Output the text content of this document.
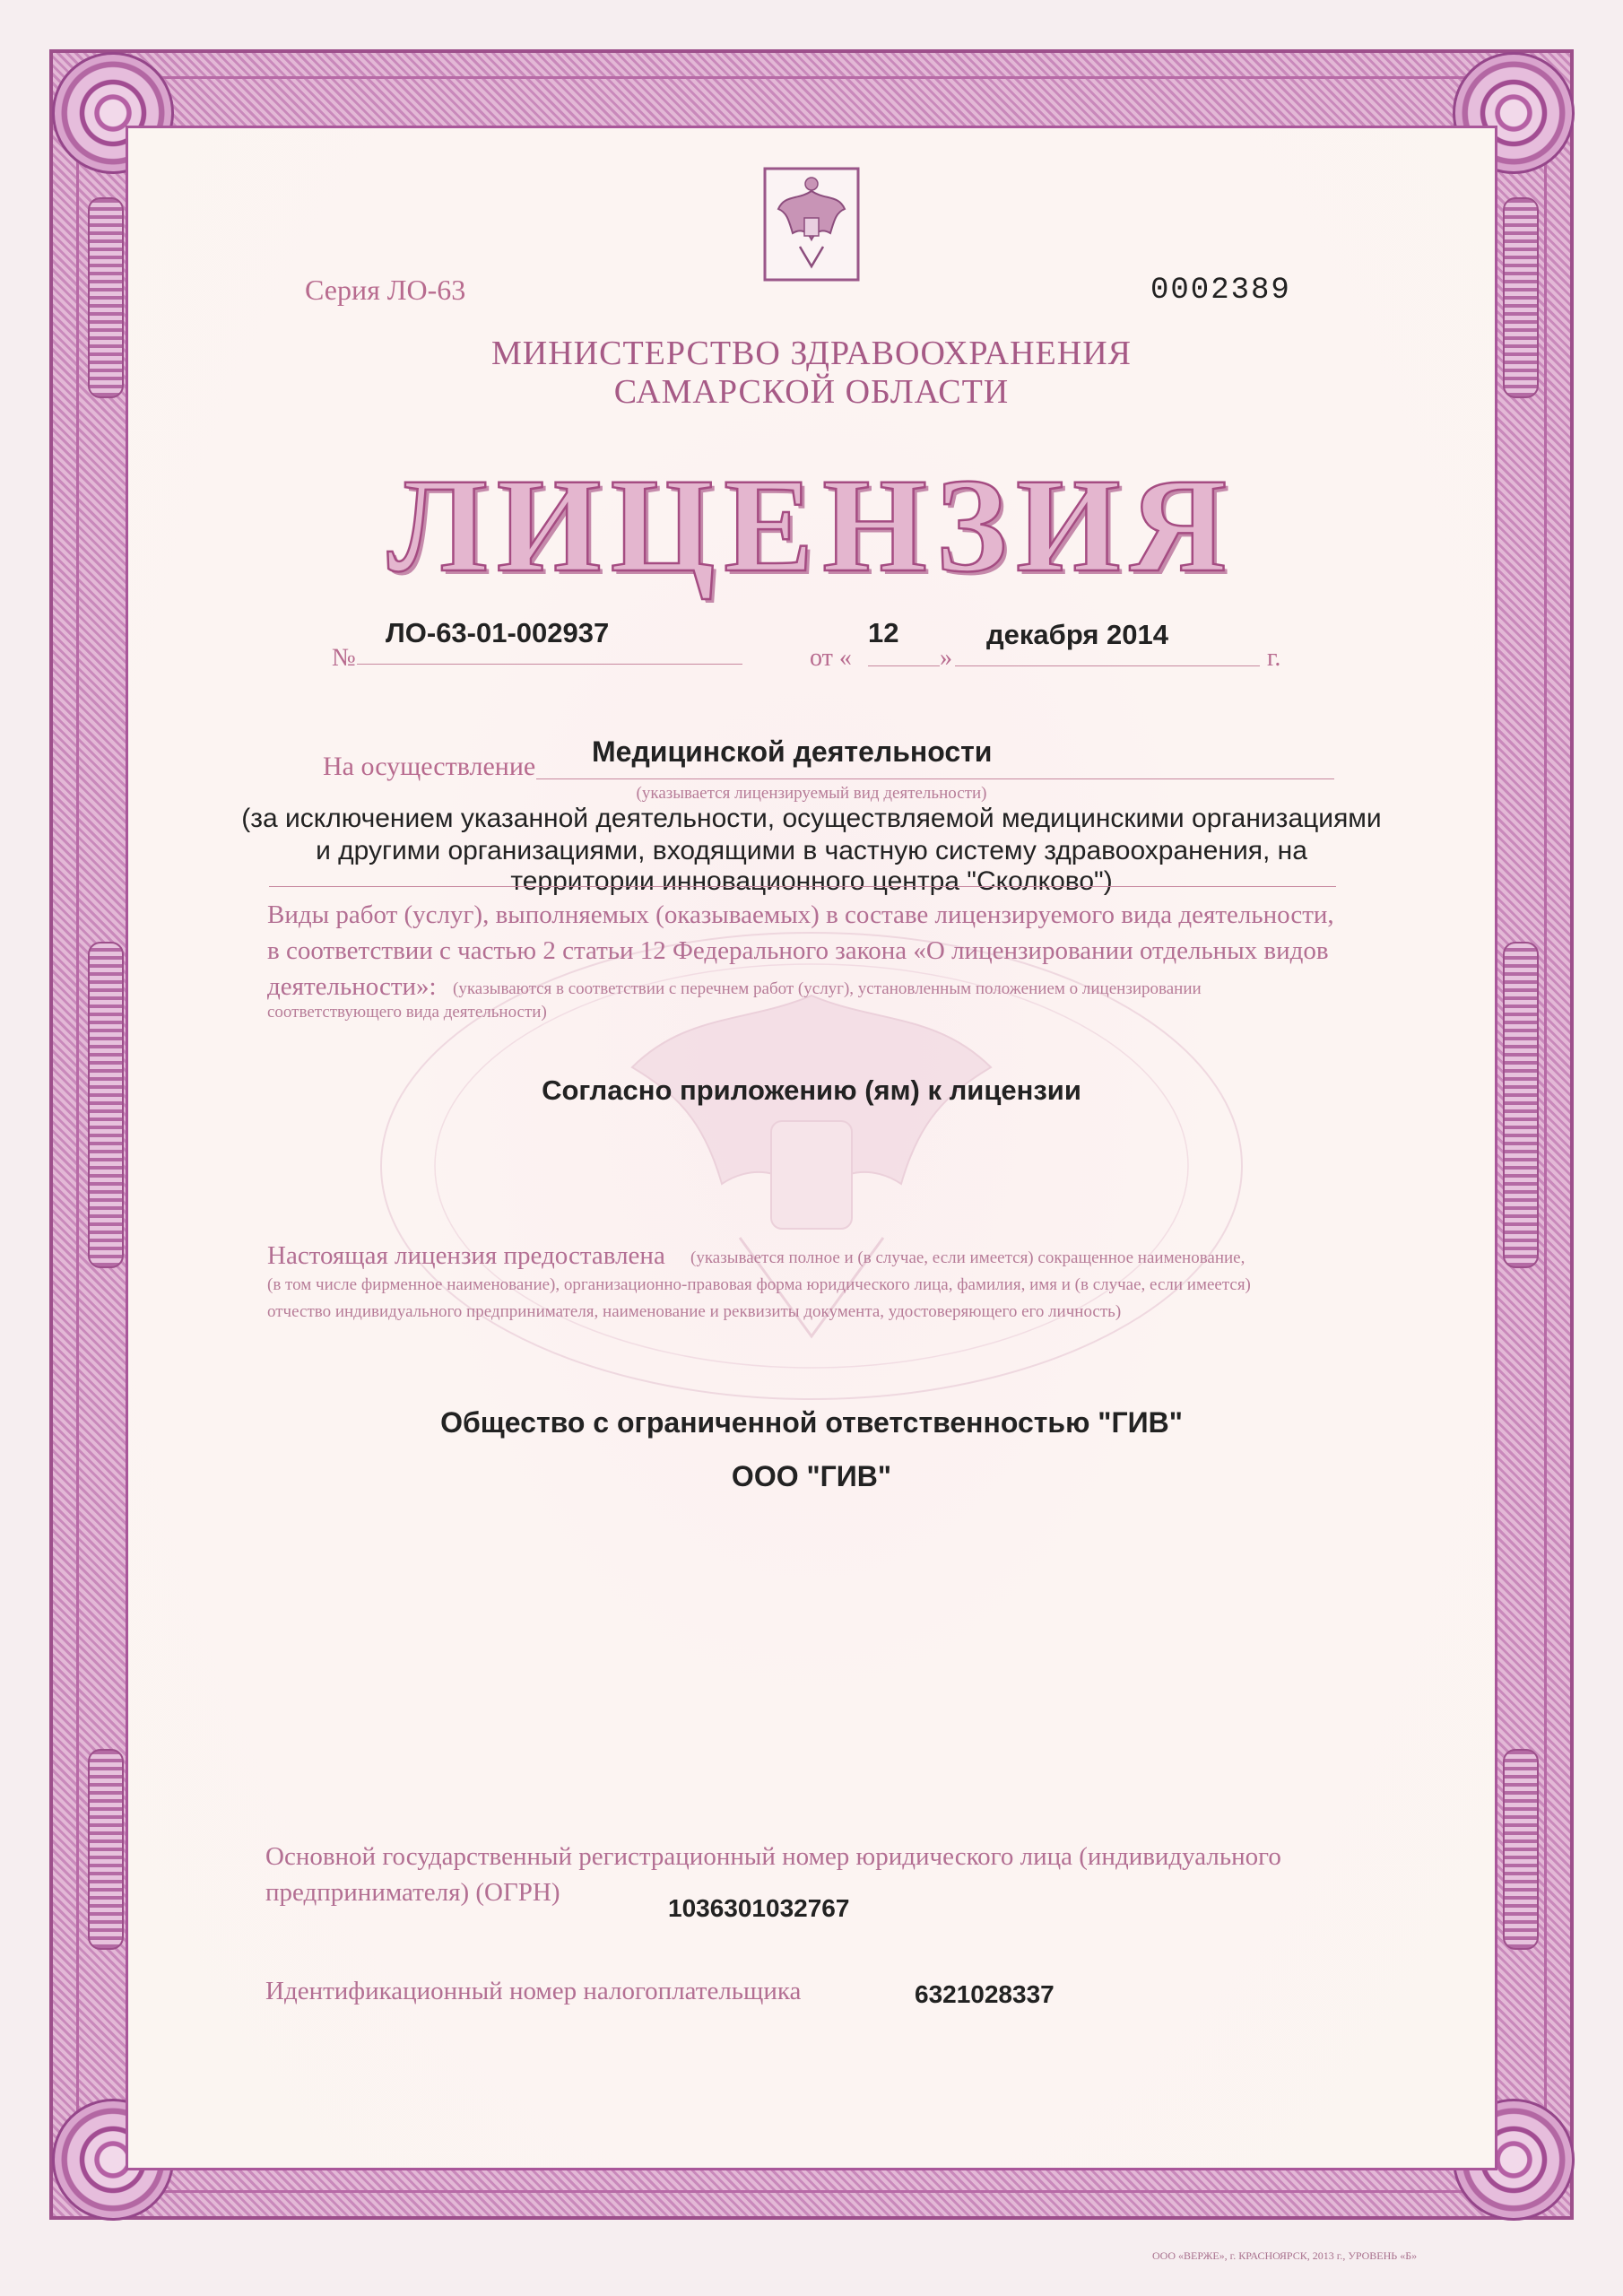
Серия ЛО-63	0002389
МИНИСТЕРСТВО ЗДРАВООХРАНЕНИЯ
САМАРСКОЙ ОБЛАСТИ
ЛИЦЕНЗИЯ
№
ЛО-63-01-002937
от «
12
»
декабря 2014
г.
На осуществление Медицинской деятельности
(указывается лицензируемый вид деятельности)
(за исключением указанной деятельности, осуществляемой медицинскими организациями
и другими организациями, входящими в частную систему здравоохранения, на
территории инновационного центра "Сколково")
Виды работ (услуг), выполняемых (оказываемых) в составе лицензируемого вида деятельности,
в соответствии с частью 2 статьи 12 Федерального закона «О лицензировании отдельных видов
деятельности»: (указываются в соответствии с перечнем работ (услуг), установленным положением о лицензировании
соответствующего вида деятельности)
Согласно приложению (ям) к лицензии
Настоящая лицензия предоставлена (указывается полное и (в случае, если имеется) сокращенное наименование,
(в том числе фирменное наименование), организационно-правовая форма юридического лица, фамилия, имя и (в случае, если имеется)
отчество индивидуального предпринимателя, наименование и реквизиты документа, удостоверяющего его личность)
Общество с ограниченной ответственностью "ГИВ"
ООО "ГИВ"
Основной государственный регистрационный номер юридического лица (индивидуального
предпринимателя) (ОГРН)
1036301032767
Идентификационный номер налогоплательщика	6321028337
ООО «ВЕРЖЕ», г. КРАСНОЯРСК, 2013 г., УРОВЕНЬ «Б»
